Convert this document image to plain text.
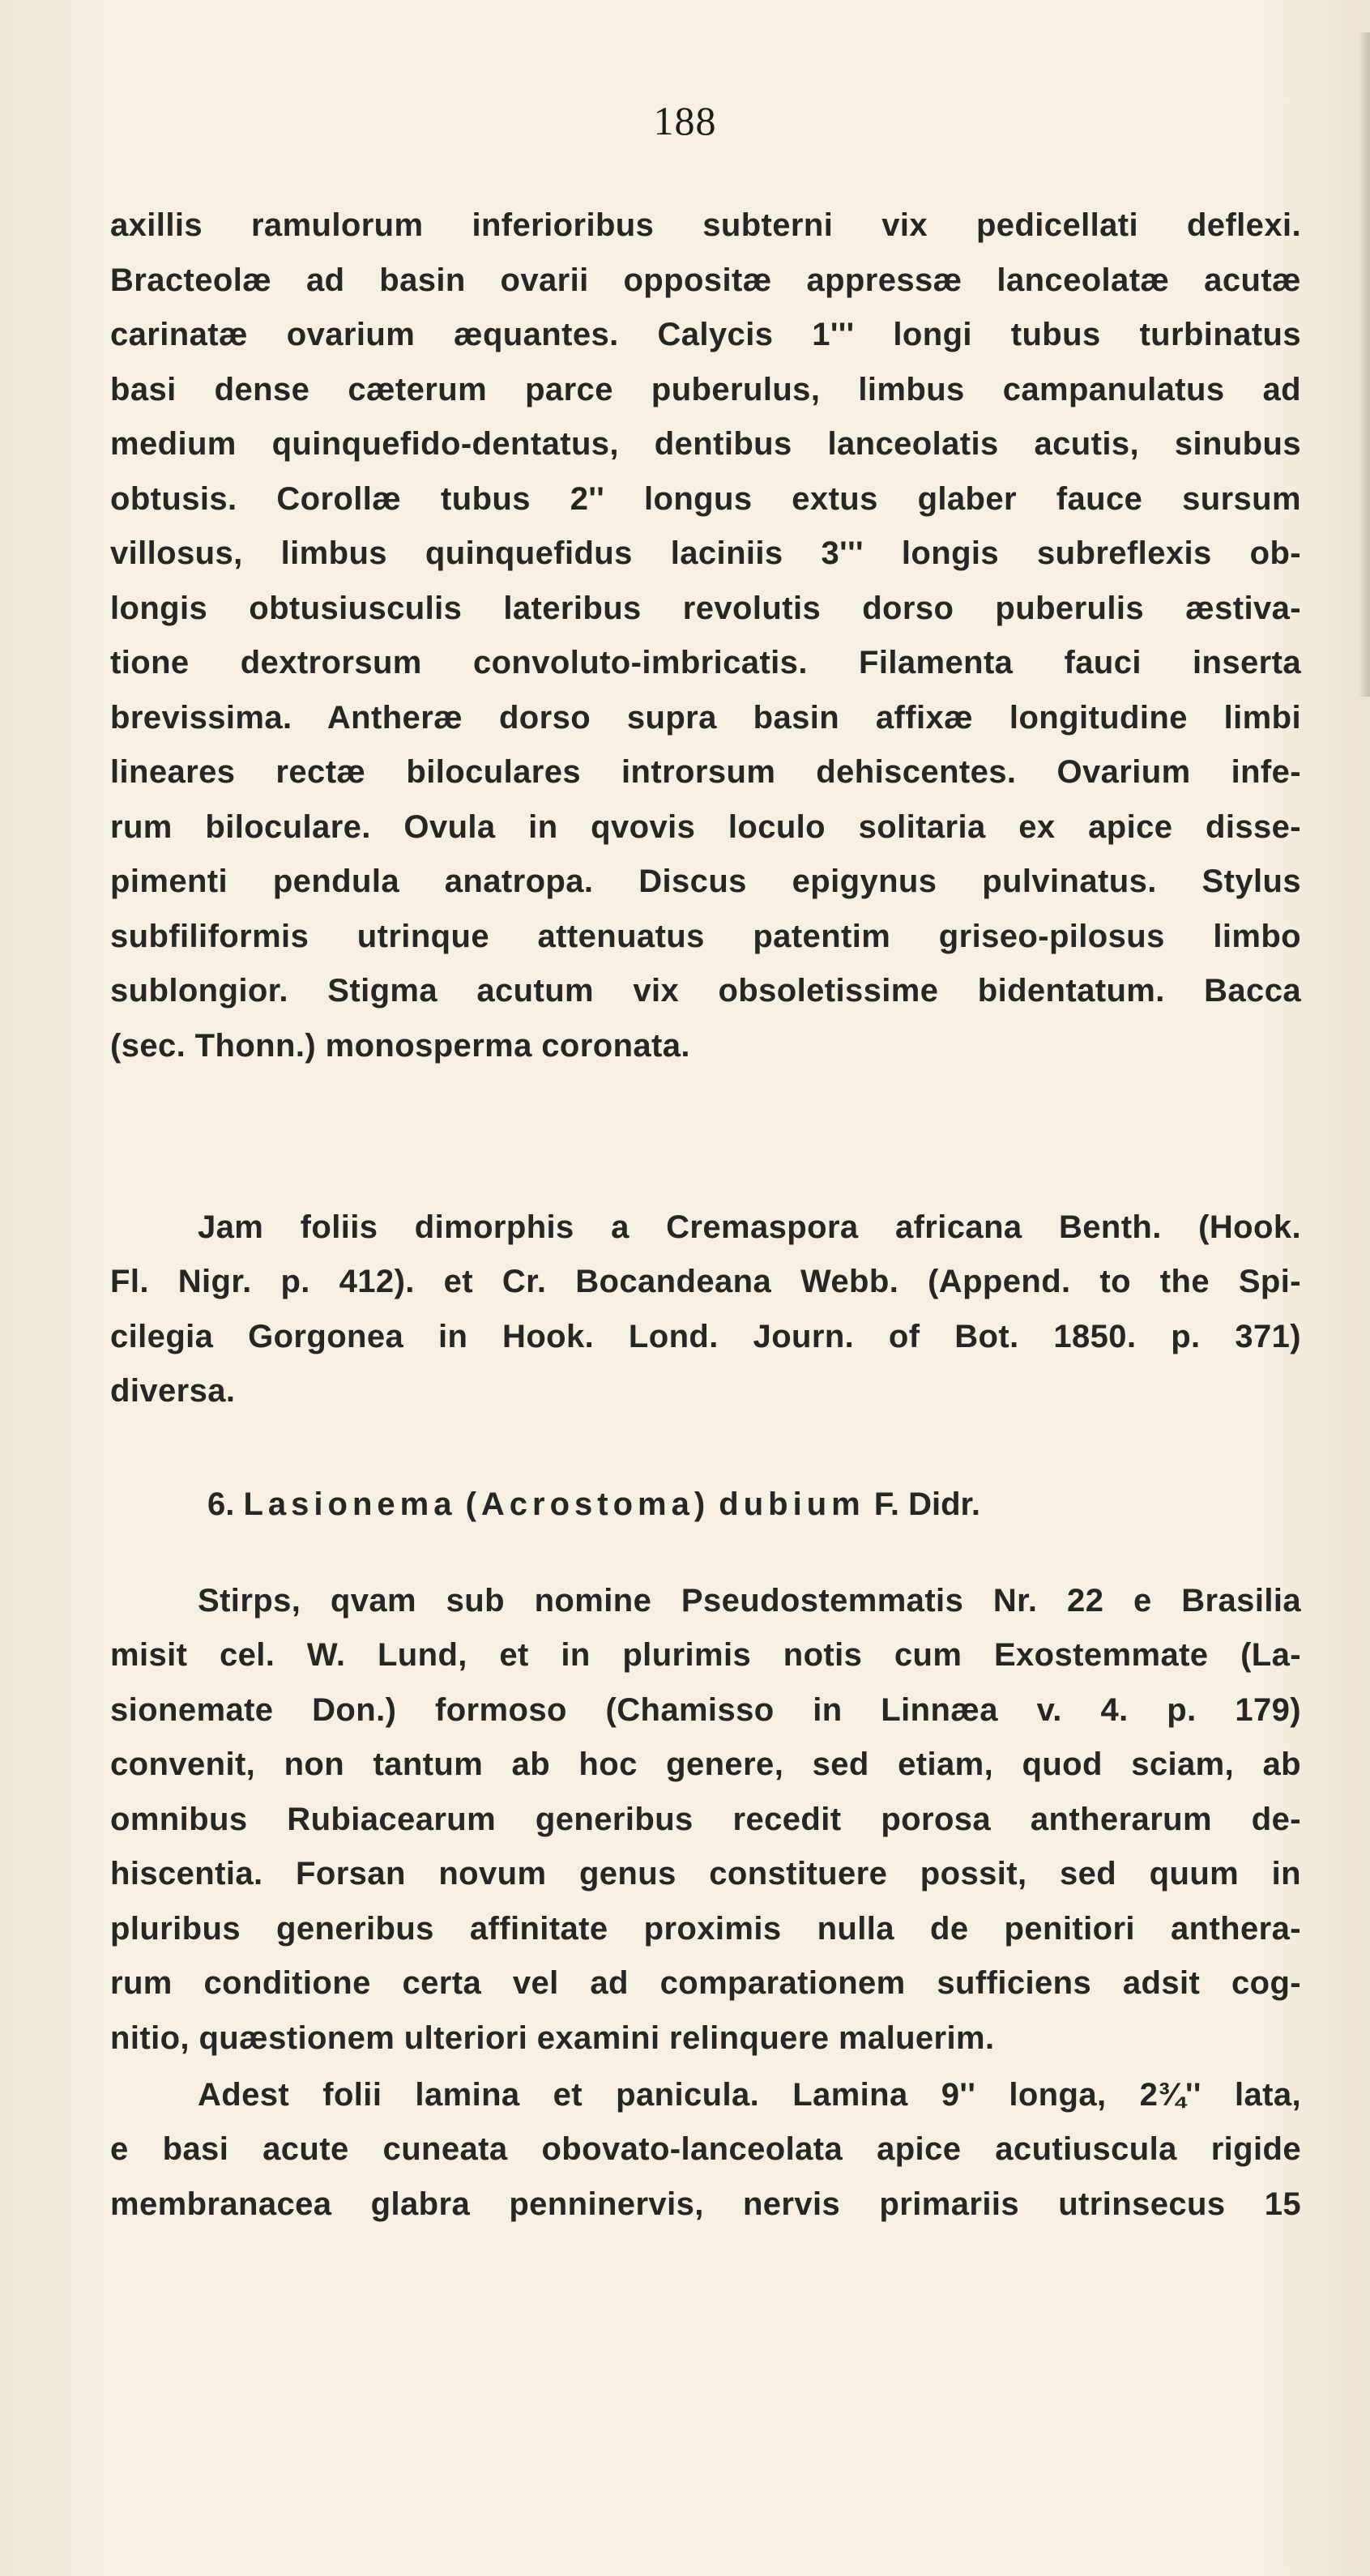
188
axillis ramulorum inferioribus subterni vix pedicellati deflexi.
Bracteolæ ad basin ovarii oppositæ appressæ lanceolatæ acutæ
carinatæ ovarium æquantes. Calycis 1''' longi tubus turbinatus
basi dense cæterum parce puberulus, limbus campanulatus ad
medium quinquefido-dentatus, dentibus lanceolatis acutis, sinubus
obtusis. Corollæ tubus 2'' longus extus glaber fauce sursum
villosus, limbus quinquefidus laciniis 3''' longis subreflexis ob-
longis obtusiusculis lateribus revolutis dorso puberulis æstiva-
tione dextrorsum convoluto-imbricatis. Filamenta fauci inserta
brevissima. Antheræ dorso supra basin affixæ longitudine limbi
lineares rectæ biloculares introrsum dehiscentes. Ovarium infe-
rum biloculare. Ovula in qvovis loculo solitaria ex apice disse-
pimenti pendula anatropa. Discus epigynus pulvinatus. Stylus
subfiliformis utrinque attenuatus patentim griseo-pilosus limbo
sublongior. Stigma acutum vix obsoletissime bidentatum. Bacca
(sec. Thonn.) monosperma coronata.
Jam foliis dimorphis a Cremaspora africana Benth. (Hook.
Fl. Nigr. p. 412). et Cr. Bocandeana Webb. (Append. to the Spi-
cilegia Gorgonea in Hook. Lond. Journ. of Bot. 1850. p. 371)
diversa.
6. Lasionema (Acrostoma) dubium F. Didr.
Stirps, qvam sub nomine Pseudostemmatis Nr. 22 e Brasilia
misit cel. W. Lund, et in plurimis notis cum Exostemmate (La-
sionemate Don.) formoso (Chamisso in Linnæa v. 4. p. 179)
convenit, non tantum ab hoc genere, sed etiam, quod sciam, ab
omnibus Rubiacearum generibus recedit porosa antherarum de-
hiscentia. Forsan novum genus constituere possit, sed quum in
pluribus generibus affinitate proximis nulla de penitiori anthera-
rum conditione certa vel ad comparationem sufficiens adsit cog-
nitio, quæstionem ulteriori examini relinquere maluerim.
Adest folii lamina et panicula. Lamina 9'' longa, 2¾'' lata,
e basi acute cuneata obovato-lanceolata apice acutiuscula rigide
membranacea glabra penninervis, nervis primariis utrinsecus 15
